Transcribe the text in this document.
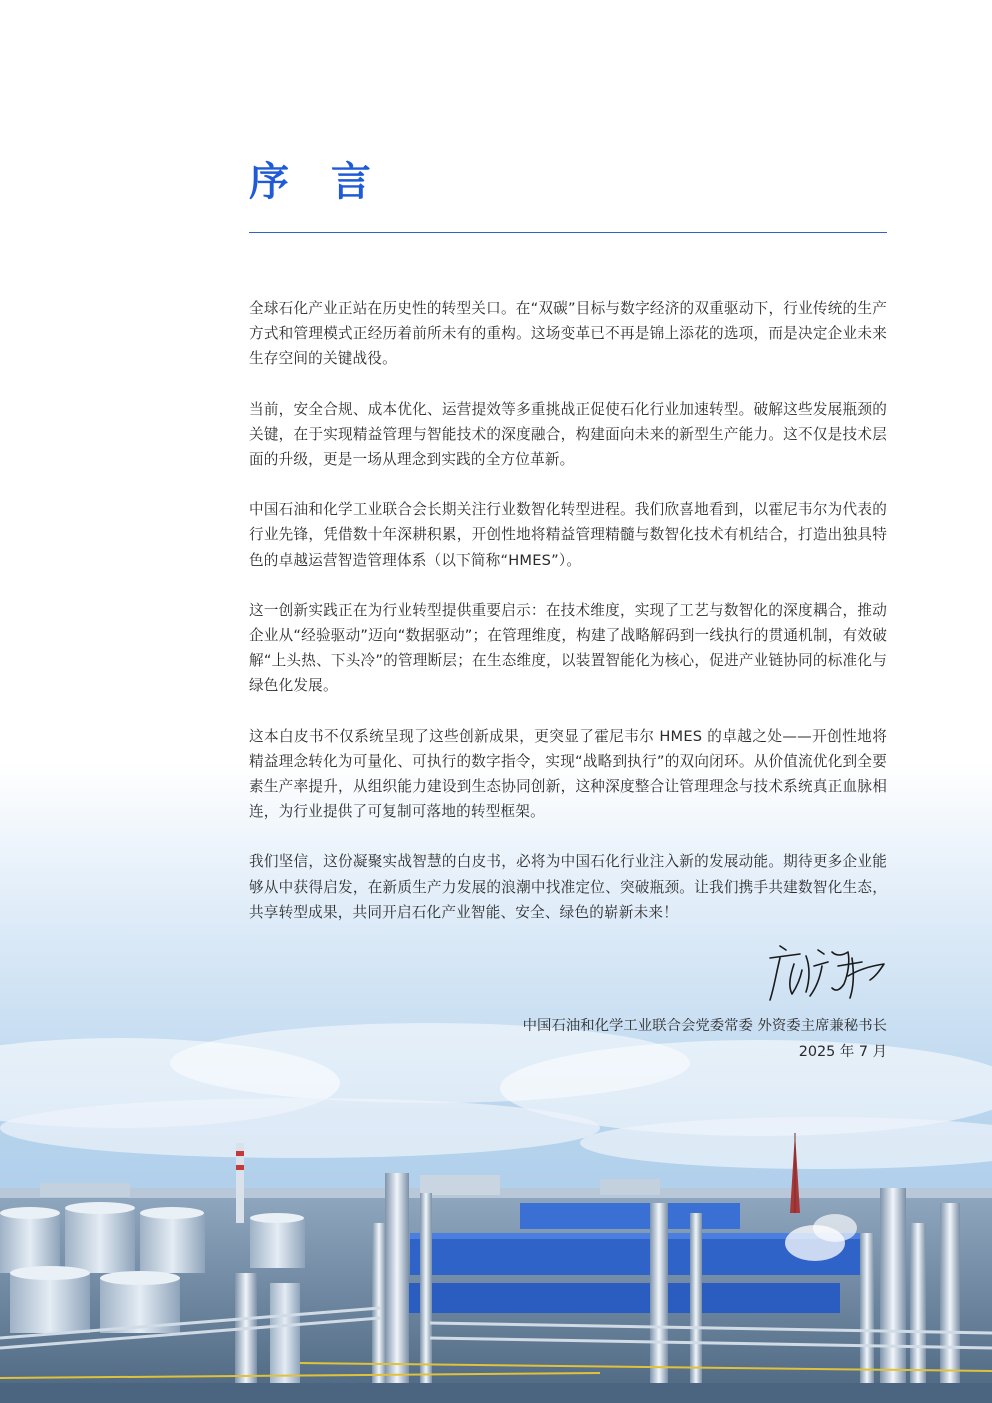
序 言

全球石化产业正站在历史性的转型关口。在“双碳”目标与数字经济的双重驱动下，行业传统的生产方式和管理模式正经历着前所未有的重构。这场变革已不再是锦上添花的选项，而是决定企业未来生存空间的关键战役。

当前，安全合规、成本优化、运营提效等多重挑战正促使石化行业加速转型。破解这些发展瓶颈的关键，在于实现精益管理与智能技术的深度融合，构建面向未来的新型生产能力。这不仅是技术层面的升级，更是一场从理念到实践的全方位革新。

中国石油和化学工业联合会长期关注行业数智化转型进程。我们欣喜地看到，以霍尼韦尔为代表的行业先锋，凭借数十年深耕积累，开创性地将精益管理精髓与数智化技术有机结合，打造出独具特色的卓越运营智造管理体系（以下简称“HMES”）。

这一创新实践正在为行业转型提供重要启示：在技术维度，实现了工艺与数智化的深度耦合，推动企业从“经验驱动”迈向“数据驱动”；在管理维度，构建了战略解码到一线执行的贯通机制，有效破解“上头热、下头冷”的管理断层；在生态维度，以装置智能化为核心，促进产业链协同的标准化与绿色化发展。

这本白皮书不仅系统呈现了这些创新成果，更突显了霍尼韦尔 HMES 的卓越之处——开创性地将精益理念转化为可量化、可执行的数字指令，实现“战略到执行”的双向闭环。从价值流优化到全要素生产率提升，从组织能力建设到生态协同创新，这种深度整合让管理理念与技术系统真正血脉相连，为行业提供了可复制可落地的转型框架。

我们坚信，这份凝聚实战智慧的白皮书，必将为中国石化行业注入新的发展动能。期待更多企业能够从中获得启发，在新质生产力发展的浪潮中找准定位、突破瓶颈。让我们携手共建数智化生态，共享转型成果，共同开启石化产业智能、安全、绿色的崭新未来！

中国石油和化学工业联合会党委常委 外资委主席兼秘书长
2025 年 7 月
